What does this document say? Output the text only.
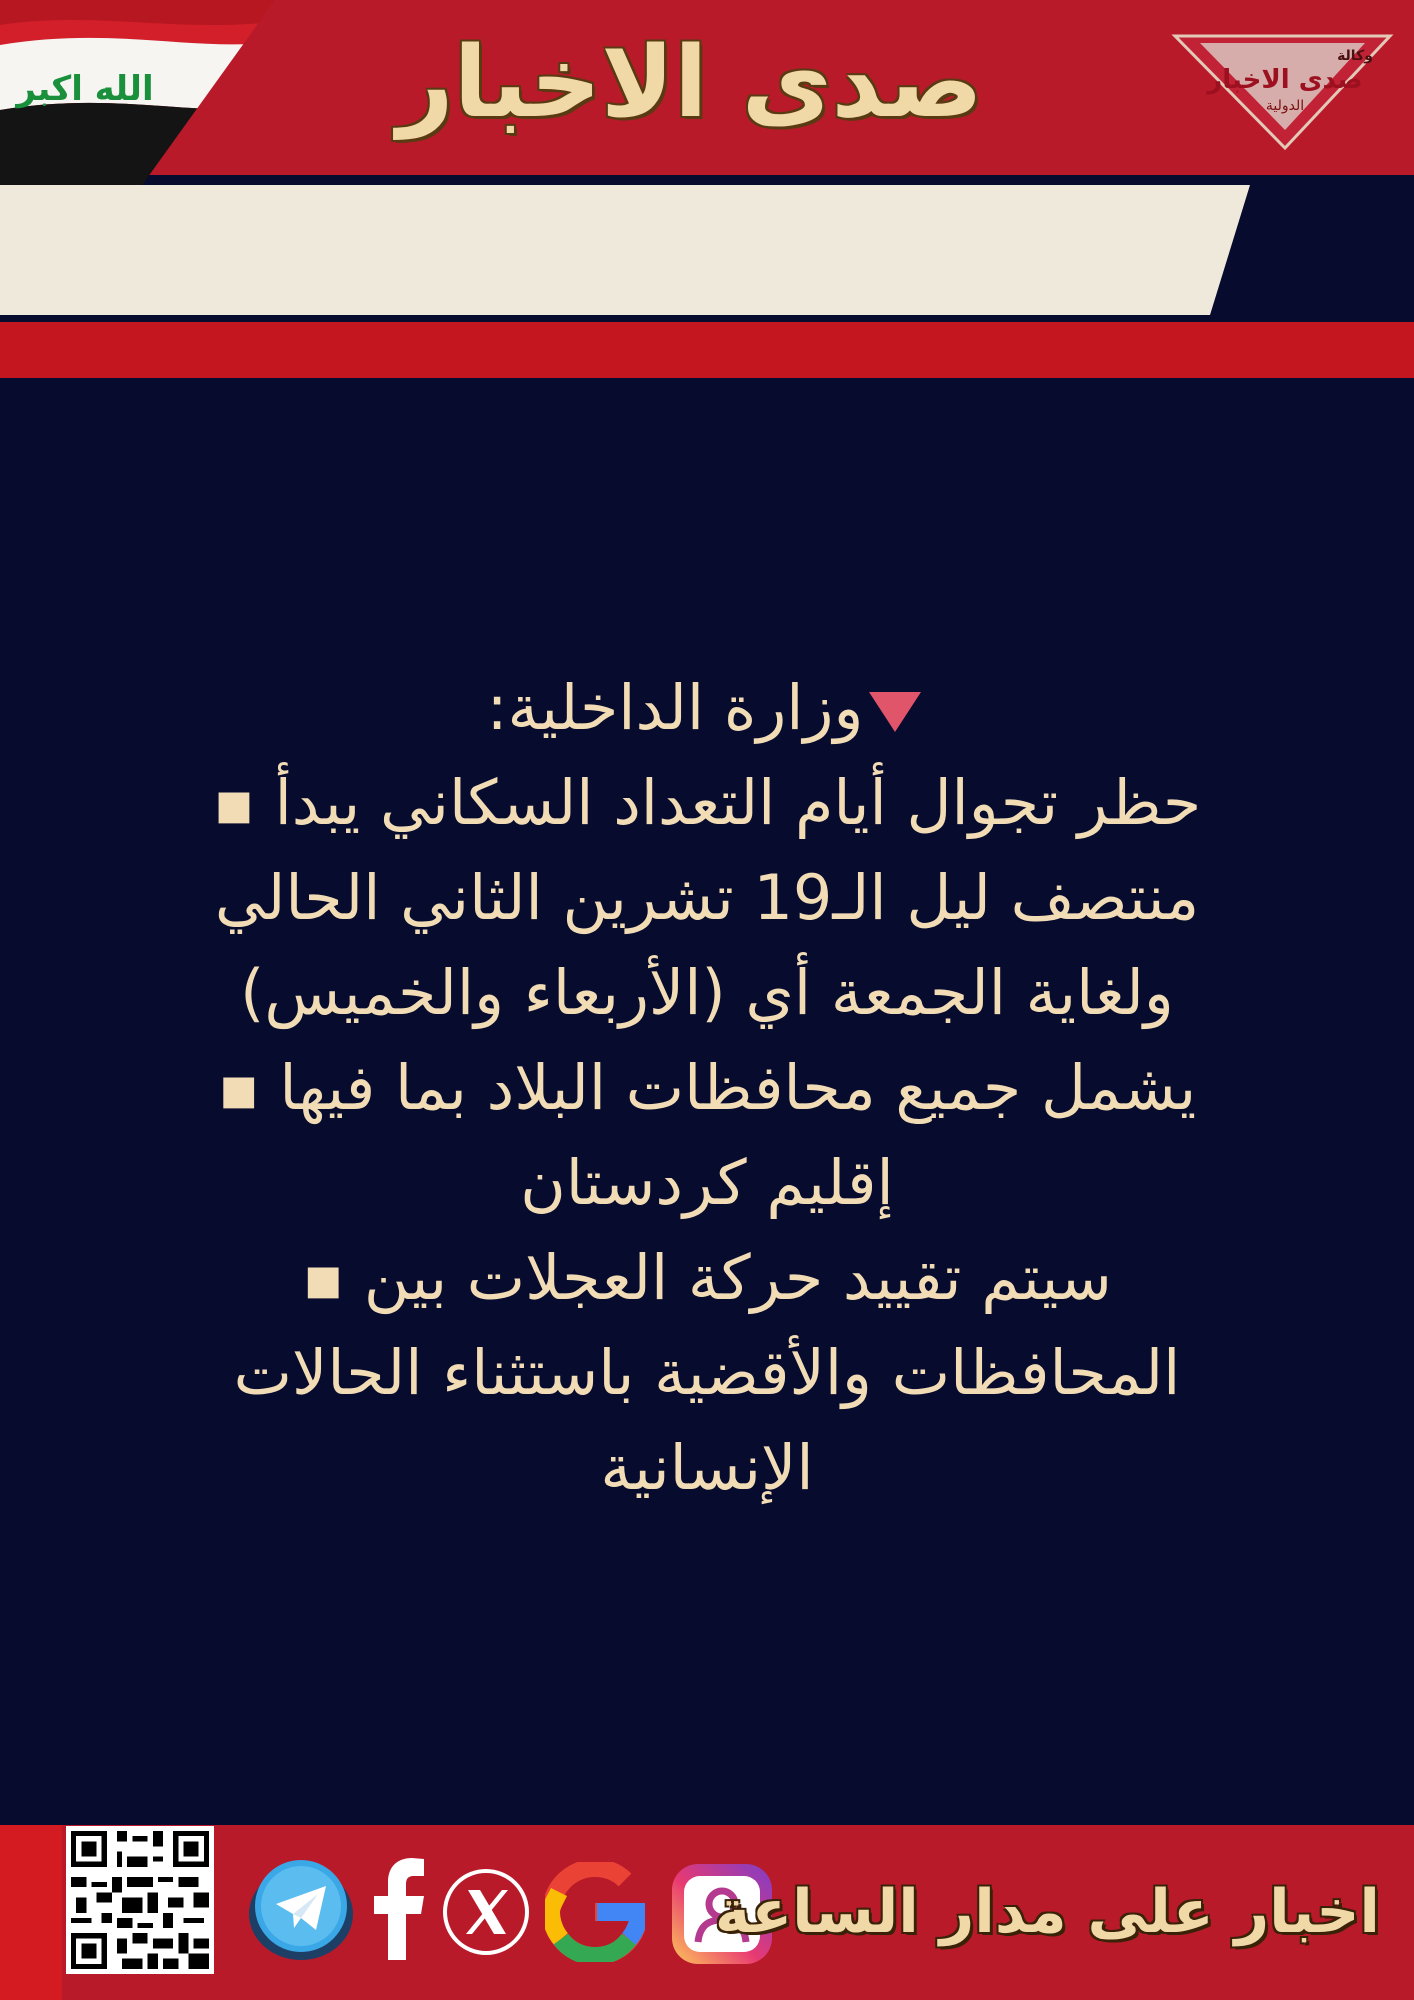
الله اكبر	صدى الاخبار	وكالة
صدى الاخبار
الدولية
وزارة الداخلية:
حظر تجوال أيام التعداد السكاني يبدأ ▪
منتصف ليل الـ19 تشرين الثاني الحالي
ولغاية الجمعة أي (الأربعاء والخميس)
يشمل جميع محافظات البلاد بما فيها ▪
إقليم كردستان
سيتم تقييد حركة العجلات بين ▪
المحافظات والأقضية باستثناء الحالات
الإنسانية
اخبار على مدار الساعة
